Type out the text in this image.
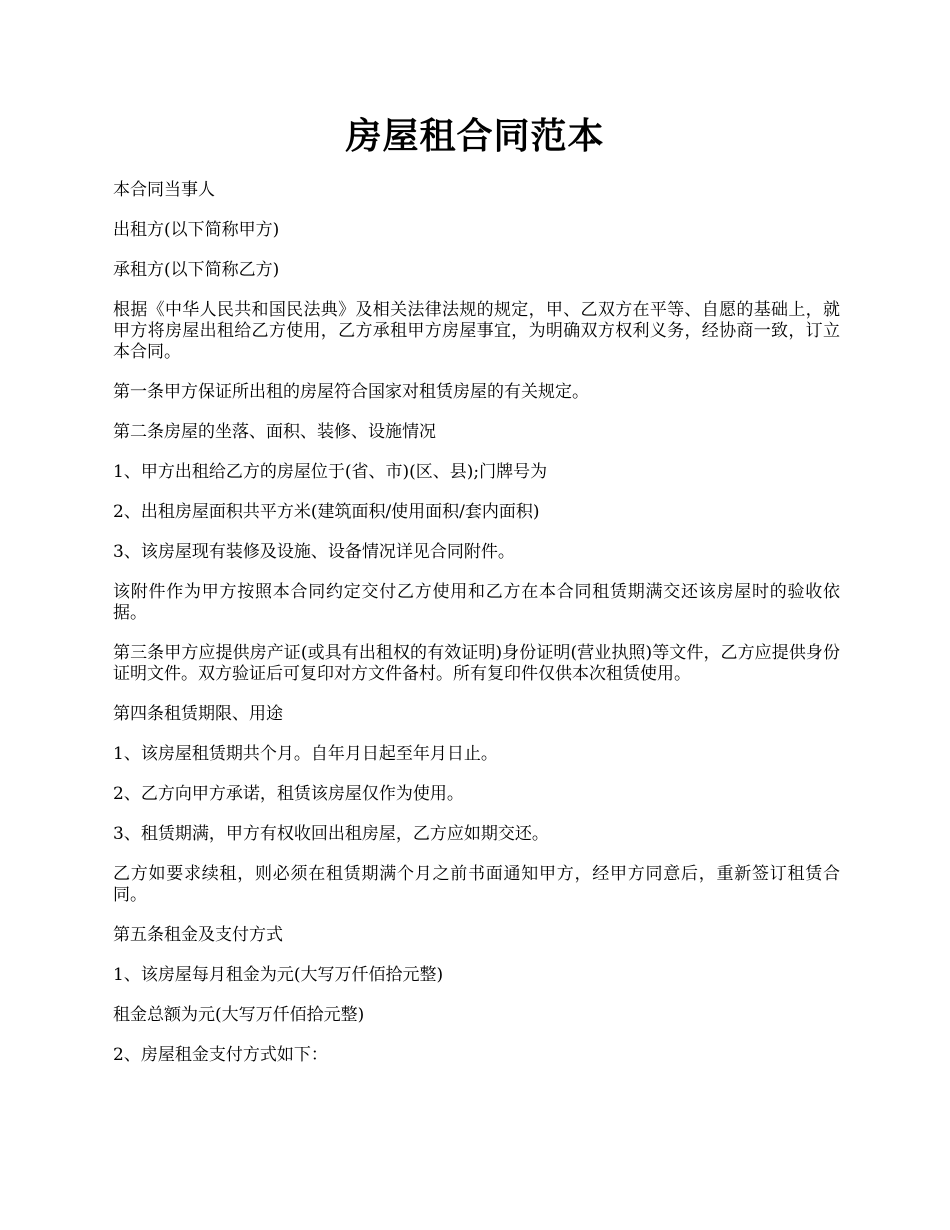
房屋租合同范本

本合同当事人

出租方(以下简称甲方)

承租方(以下简称乙方)

根据《中华人民共和国民法典》及相关法律法规的规定，甲、乙双方在平等、自愿的基础上，就甲方将房屋出租给乙方使用，乙方承租甲方房屋事宜，为明确双方权利义务，经协商一致，订立本合同。

第一条甲方保证所出租的房屋符合国家对租赁房屋的有关规定。

第二条房屋的坐落、面积、装修、设施情况

1、甲方出租给乙方的房屋位于(省、市)(区、县);门牌号为

2、出租房屋面积共平方米(建筑面积/使用面积/套内面积)

3、该房屋现有装修及设施、设备情况详见合同附件。

该附件作为甲方按照本合同约定交付乙方使用和乙方在本合同租赁期满交还该房屋时的验收依据。

第三条甲方应提供房产证(或具有出租权的有效证明)身份证明(营业执照)等文件，乙方应提供身份证明文件。双方验证后可复印对方文件备村。所有复印件仅供本次租赁使用。

第四条租赁期限、用途

1、该房屋租赁期共个月。自年月日起至年月日止。

2、乙方向甲方承诺，租赁该房屋仅作为使用。

3、租赁期满，甲方有权收回出租房屋，乙方应如期交还。

乙方如要求续租，则必须在租赁期满个月之前书面通知甲方，经甲方同意后，重新签订租赁合同。

第五条租金及支付方式

1、该房屋每月租金为元(大写万仟佰拾元整)

租金总额为元(大写万仟佰拾元整)

2、房屋租金支付方式如下：
